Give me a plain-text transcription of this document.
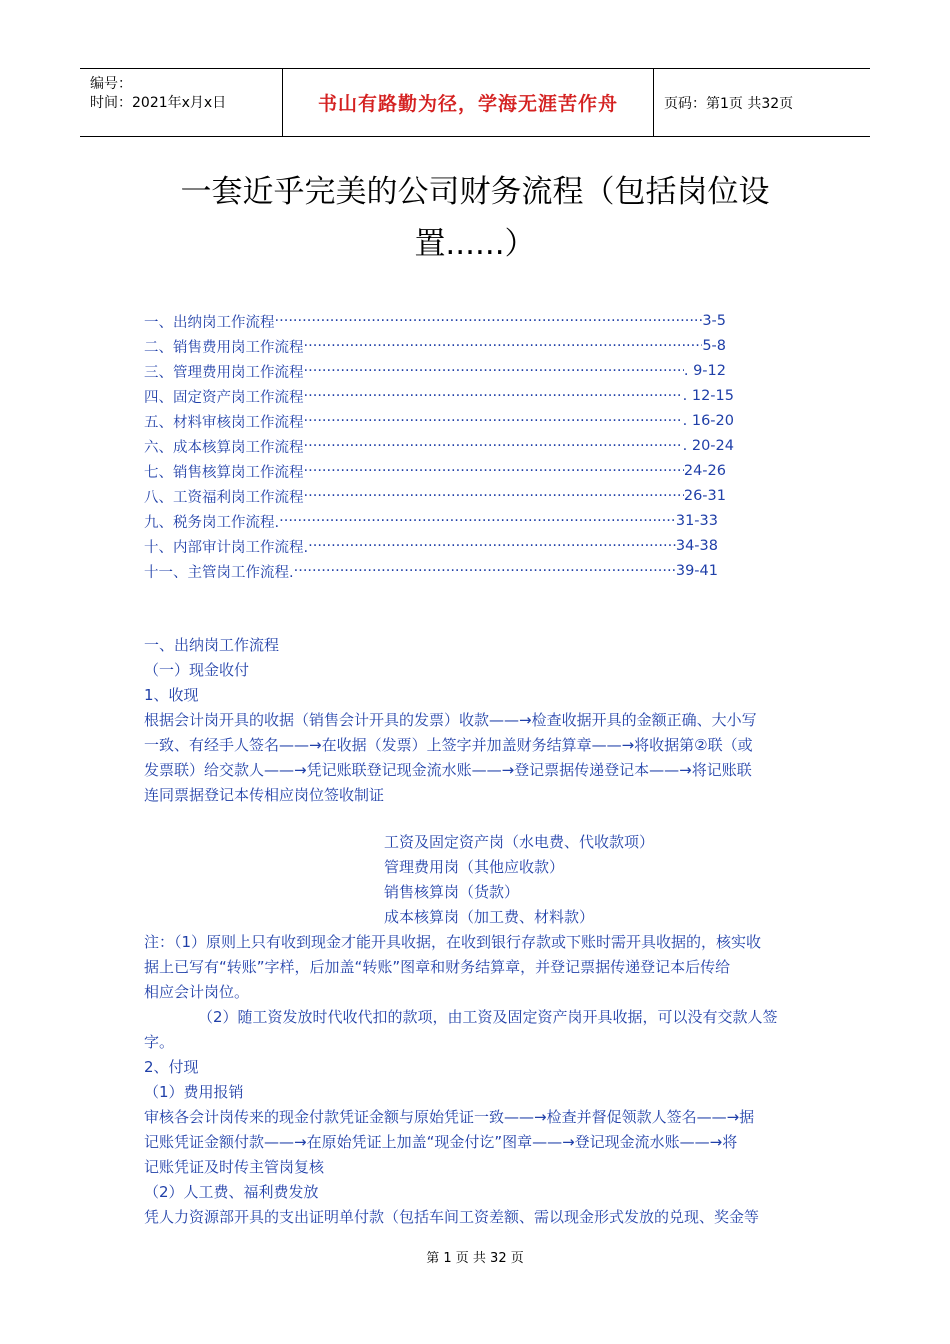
编号：
时间：2021年x月x日	书山有路勤为径，学海无涯苦作舟	页码：第1页 共32页
一套近乎完美的公司财务流程（包括岗位设
置......）
一、出纳岗工作流程 ·····	3-5
二、销售费用岗工作流程 ·····	5-8
三、管理费用岗工作流程 ·····	. 9-12
四、固定资产岗工作流程 ·····	. 12-15
五、材料审核岗工作流程 ·····	. 16-20
六、成本核算岗工作流程 ·····	. 20-24
七、销售核算岗工作流程 ·····	24-26
八、工资福利岗工作流程 ·····	26-31
九、税务岗工作流程. ·····	31-33
十、内部审计岗工作流程. ·····	34-38
十一、主管岗工作流程. ·····	39-41
一、出纳岗工作流程
（一）现金收付
1、收现
根据会计岗开具的收据（销售会计开具的发票）收款——→检查收据开具的金额正确、大小写
一致、有经手人签名——→在收据（发票）上签字并加盖财务结算章——→将收据第②联（或
发票联）给交款人——→凭记账联登记现金流水账——→登记票据传递登记本——→将记账联
连同票据登记本传相应岗位签收制证
工资及固定资产岗（水电费、代收款项）
管理费用岗（其他应收款）
销售核算岗（货款）
成本核算岗（加工费、材料款）
注：（1）原则上只有收到现金才能开具收据，在收到银行存款或下账时需开具收据的，核实收
据上已写有“转账”字样，后加盖“转账”图章和财务结算章，并登记票据传递登记本后传给
相应会计岗位。
（2）随工资发放时代收代扣的款项，由工资及固定资产岗开具收据，可以没有交款人签
字。
2、付现
（1）费用报销
审核各会计岗传来的现金付款凭证金额与原始凭证一致——→检查并督促领款人签名——→据
记账凭证金额付款——→在原始凭证上加盖“现金付讫”图章——→登记现金流水账——→将
记账凭证及时传主管岗复核
（2）人工费、福利费发放
凭人力资源部开具的支出证明单付款（包括车间工资差额、需以现金形式发放的兑现、奖金等
第 1 页 共 32 页
